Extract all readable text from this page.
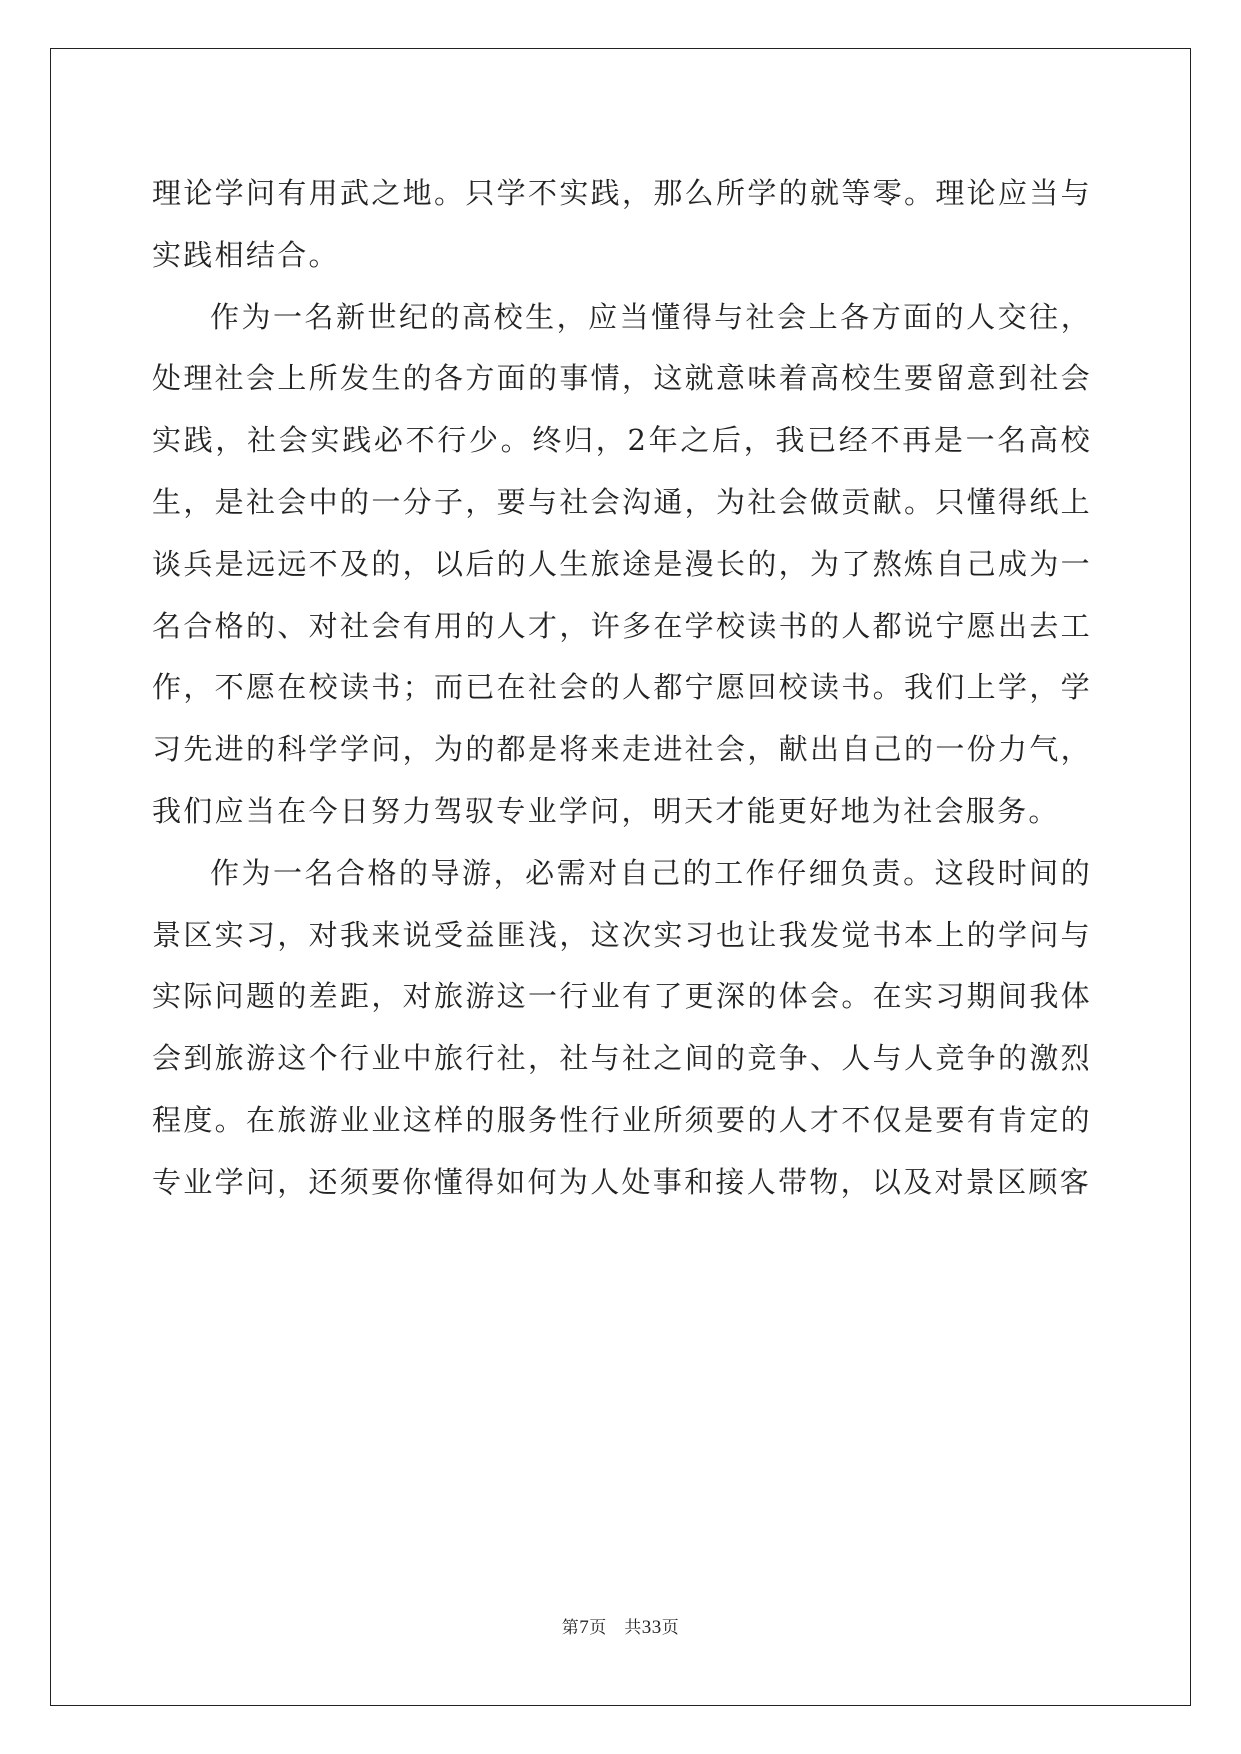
理论学问有用武之地。只学不实践，那么所学的就等零。理论应当与实践相结合。

作为一名新世纪的高校生，应当懂得与社会上各方面的人交往，处理社会上所发生的各方面的事情，这就意味着高校生要留意到社会实践，社会实践必不行少。终归，2年之后，我已经不再是一名高校生，是社会中的一分子，要与社会沟通，为社会做贡献。只懂得纸上谈兵是远远不及的，以后的人生旅途是漫长的，为了熬炼自己成为一名合格的、对社会有用的人才，许多在学校读书的人都说宁愿出去工作，不愿在校读书；而已在社会的人都宁愿回校读书。我们上学，学习先进的科学学问，为的都是将来走进社会，献出自己的一份力气，我们应当在今日努力驾驭专业学问，明天才能更好地为社会服务。

作为一名合格的导游，必需对自己的工作仔细负责。这段时间的景区实习，对我来说受益匪浅，这次实习也让我发觉书本上的学问与实际问题的差距，对旅游这一行业有了更深的体会。在实习期间我体会到旅游这个行业中旅行社，社与社之间的竞争、人与人竞争的激烈程度。在旅游业业这样的服务性行业所须要的人才不仅是要有肯定的专业学问，还须要你懂得如何为人处事和接人带物，以及对景区顾客

第7页　共33页
